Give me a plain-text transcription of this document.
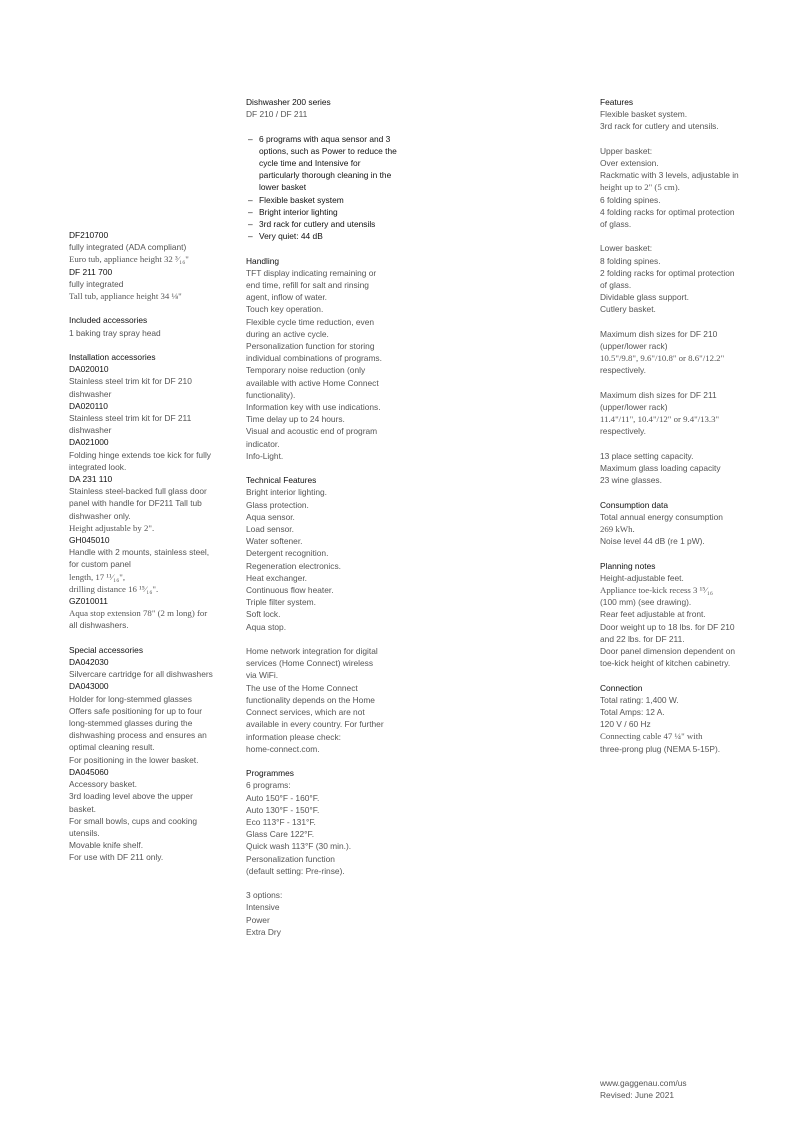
DF210700
fully integrated (ADA compliant)
Euro tub, appliance height 32 ³⁄₁₆"
DF 211 700
fully integrated
Tall tub, appliance height 34 ⅛"
Included accessories
1 baking tray spray head
Installation accessories
DA020010
Stainless steel trim kit for DF 210
dishwasher
DA020110
Stainless steel trim kit for DF 211
dishwasher
DA021000
Folding hinge extends toe kick for fully
integrated look.
DA 231 110
Stainless steel-backed full glass door
panel with handle for DF211 Tall tub
dishwasher only.
Height adjustable by 2".
GH045010
Handle with 2 mounts, stainless steel,
for custom panel
length, 17 ¹¹⁄₁₆",
drilling distance 16 ¹⁵⁄₁₆".
GZ010011
Aqua stop extension 78" (2 m long) for
all dishwashers.
Special accessories
DA042030
Silvercare cartridge for all dishwashers
DA043000
Holder for long-stemmed glasses
Offers safe positioning for up to four
long-stemmed glasses during the
dishwashing process and ensures an
optimal cleaning result.
For positioning in the lower basket.
DA045060
Accessory basket.
3rd loading level above the upper
basket.
For small bowls, cups and cooking
utensils.
Movable knife shelf.
For use with DF 211 only.
Dishwasher 200 series
DF 210 / DF 211
– 6 programs with aqua sensor and 3 options, such as Power to reduce the cycle time and Intensive for particularly thorough cleaning in the lower basket
– Flexible basket system
– Bright interior lighting
– 3rd rack for cutlery and utensils
– Very quiet: 44 dB
Handling
TFT display indicating remaining or
end time, refill for salt and rinsing
agent, inflow of water.
Touch key operation.
Flexible cycle time reduction, even
during an active cycle.
Personalization function for storing
individual combinations of programs.
Temporary noise reduction (only
available with active Home Connect
functionality).
Information key with use indications.
Time delay up to 24 hours.
Visual and acoustic end of program
indicator.
Info-Light.
Technical Features
Bright interior lighting.
Glass protection.
Aqua sensor.
Load sensor.
Water softener.
Detergent recognition.
Regeneration electronics.
Heat exchanger.
Continuous flow heater.
Triple filter system.
Soft lock.
Aqua stop.
Home network integration for digital
services (Home Connect) wireless
via WiFi.
The use of the Home Connect
functionality depends on the Home
Connect services, which are not
available in every country. For further
information please check:
home-connect.com.
Programmes
6 programs:
Auto 150°F - 160°F.
Auto 130°F - 150°F.
Eco 113°F - 131°F.
Glass Care 122°F.
Quick wash 113°F (30 min.).
Personalization function
(default setting: Pre-rinse).
3 options:
Intensive
Power
Extra Dry
Features
Flexible basket system.
3rd rack for cutlery and utensils.
Upper basket:
Over extension.
Rackmatic with 3 levels, adjustable in
height up to 2" (5 cm).
6 folding spines.
4 folding racks for optimal protection
of glass.
Lower basket:
8 folding spines.
2 folding racks for optimal protection
of glass.
Dividable glass support.
Cutlery basket.
Maximum dish sizes for DF 210
(upper/lower rack)
10.5"/9.8", 9.6"/10.8" or 8.6"/12.2"
respectively.
Maximum dish sizes for DF 211
(upper/lower rack)
11.4"/11", 10.4"/12" or 9.4"/13.3"
respectively.
13 place setting capacity.
Maximum glass loading capacity
23 wine glasses.
Consumption data
Total annual energy consumption
269 kWh.
Noise level 44 dB (re 1 pW).
Planning notes
Height-adjustable feet.
Appliance toe-kick recess 3 ¹⁵⁄₁₆
(100 mm) (see drawing).
Rear feet adjustable at front.
Door weight up to 18 lbs. for DF 210
and 22 lbs. for DF 211.
Door panel dimension dependent on
toe-kick height of kitchen cabinetry.
Connection
Total rating: 1,400 W.
Total Amps: 12 A.
120 V / 60 Hz
Connecting cable 47 ¼" with
three-prong plug (NEMA 5-15P).
www.gaggenau.com/us
Revised: June 2021
